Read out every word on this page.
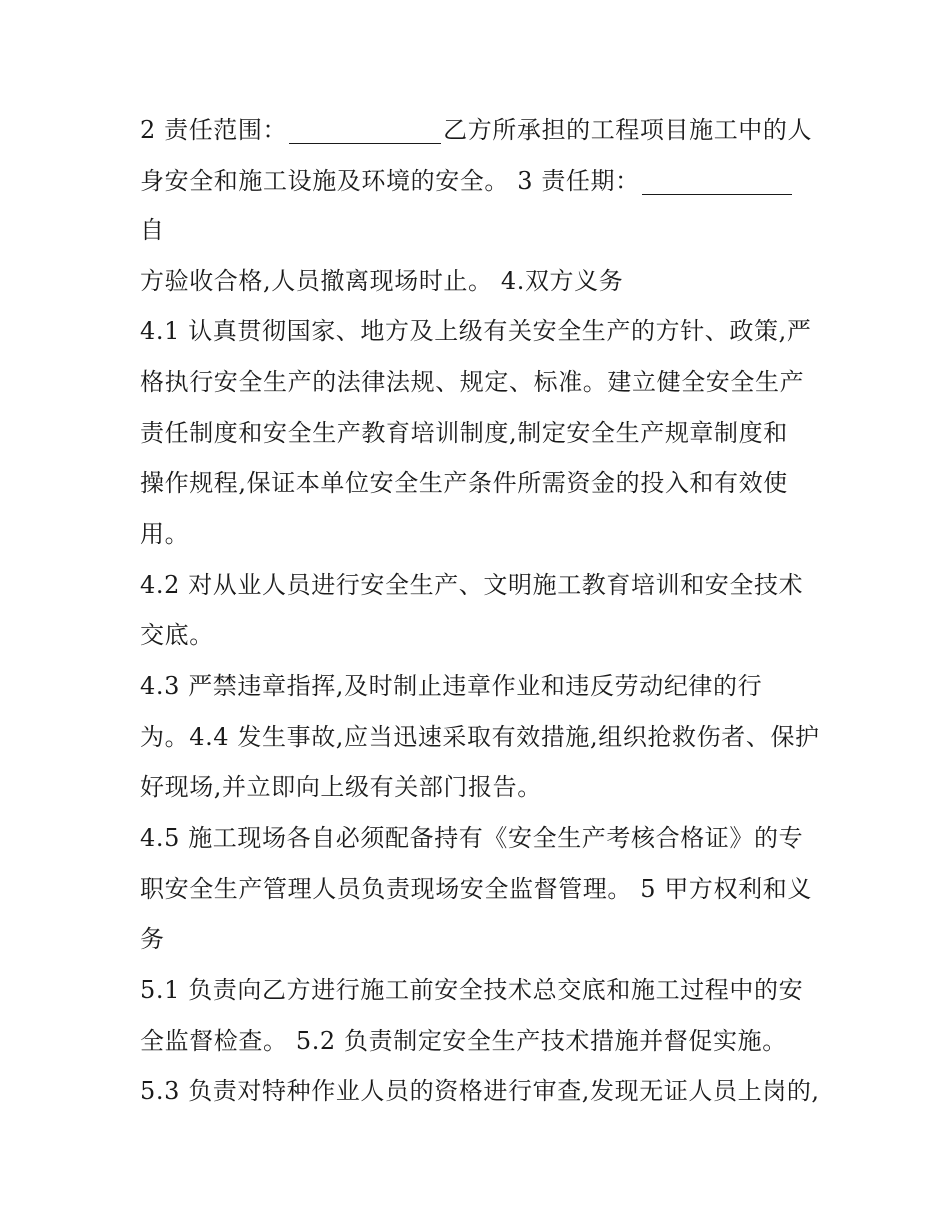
2 责任范围：	乙方所承担的工程项目施工中的人
身安全和施工设施及环境的安全。 3 责任期：
自
方验收合格,人员撤离现场时止。 4.双方义务
4.1 认真贯彻国家、地方及上级有关安全生产的方针、政策,严
格执行安全生产的法律法规、规定、标准。建立健全安全生产
责任制度和安全生产教育培训制度,制定安全生产规章制度和
操作规程,保证本单位安全生产条件所需资金的投入和有效使
用。
4.2 对从业人员进行安全生产、文明施工教育培训和安全技术
交底。
4.3 严禁违章指挥,及时制止违章作业和违反劳动纪律的行
为。4.4 发生事故,应当迅速采取有效措施,组织抢救伤者、保护
好现场,并立即向上级有关部门报告。
4.5 施工现场各自必须配备持有《安全生产考核合格证》的专
职安全生产管理人员负责现场安全监督管理。 5 甲方权利和义
务
5.1 负责向乙方进行施工前安全技术总交底和施工过程中的安
全监督检查。 5.2 负责制定安全生产技术措施并督促实施。
5.3 负责对特种作业人员的资格进行审查,发现无证人员上岗的,
